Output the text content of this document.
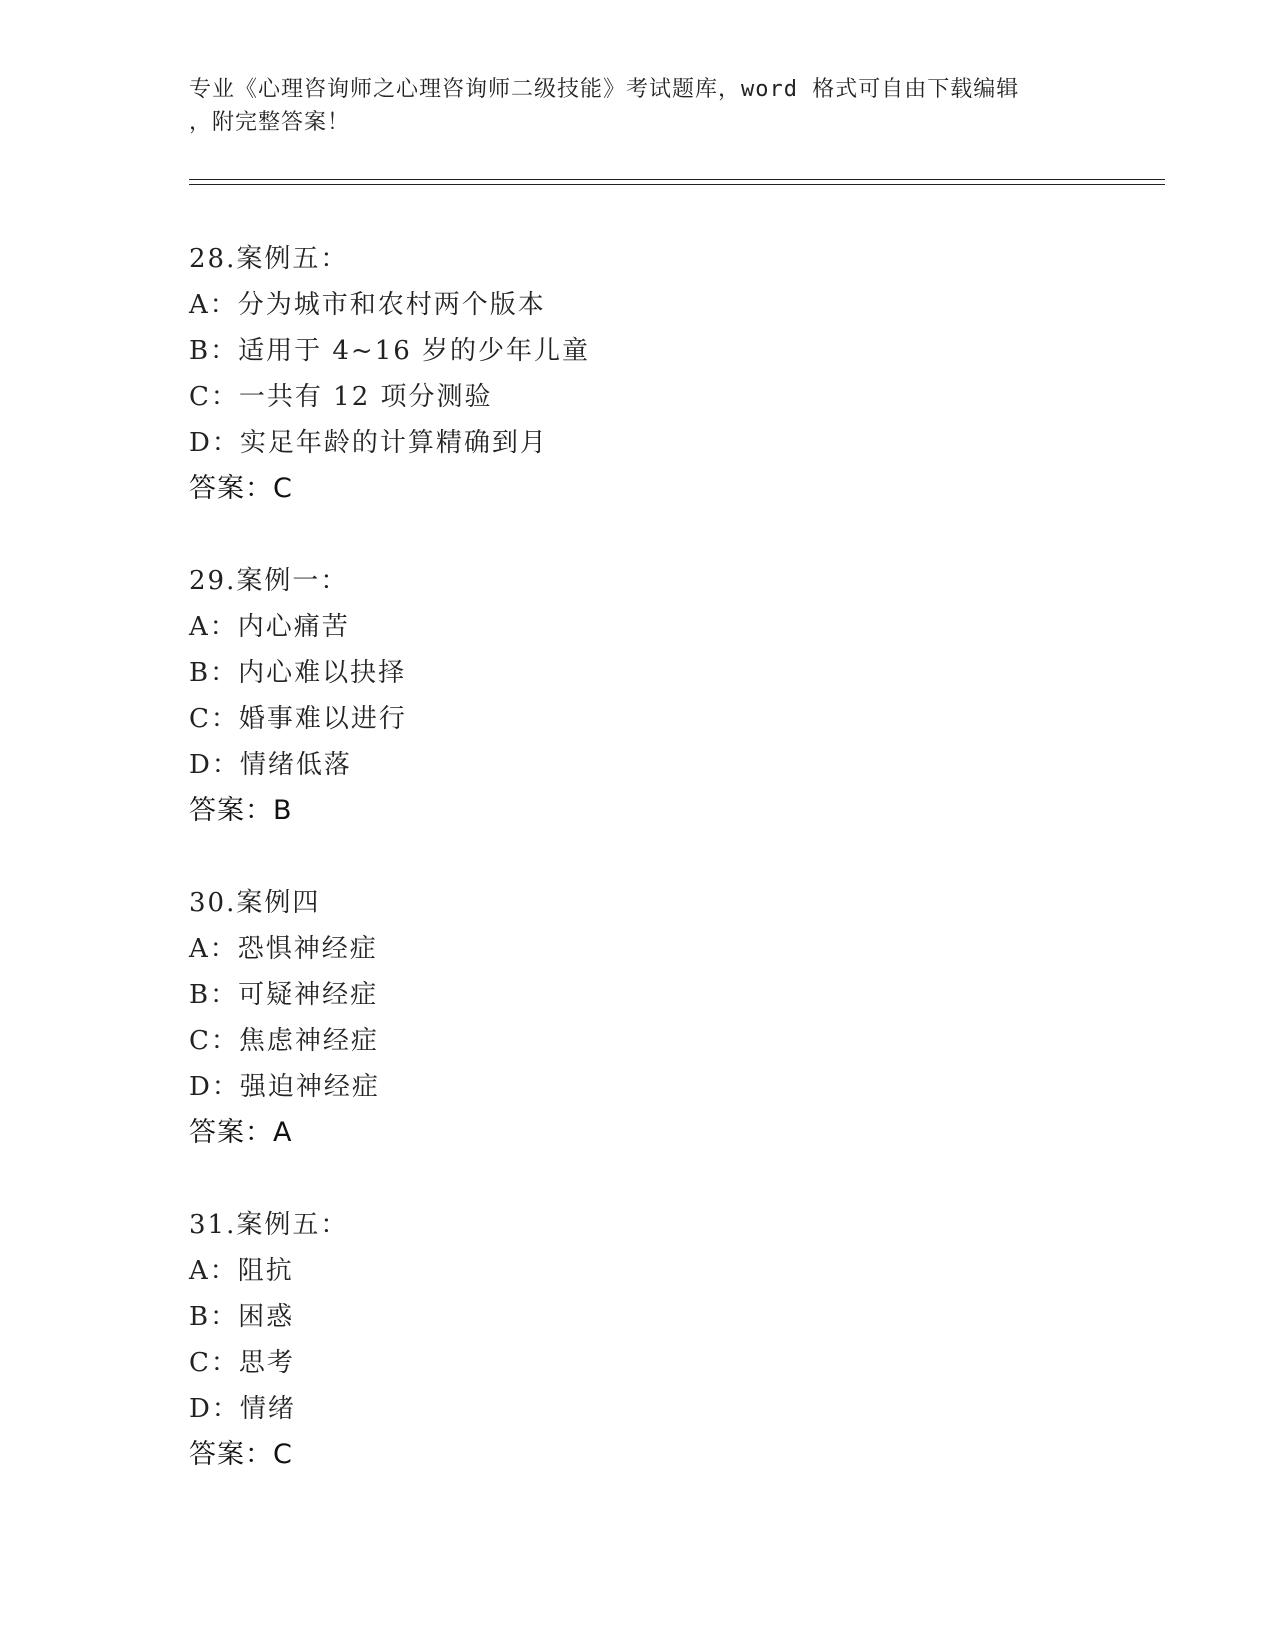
专业《心理咨询师之心理咨询师二级技能》考试题库，word 格式可自由下载编辑
，附完整答案！
28.案例五：
A：分为城市和农村两个版本
B：适用于 4~16 岁的少年儿童
C：一共有 12 项分测验
D：实足年龄的计算精确到月
答案：C
29.案例一：
A：内心痛苦
B：内心难以抉择
C：婚事难以进行
D：情绪低落
答案：B
30.案例四
A：恐惧神经症
B：可疑神经症
C：焦虑神经症
D：强迫神经症
答案：A
31.案例五：
A：阻抗
B：困惑
C：思考
D：情绪
答案：C
